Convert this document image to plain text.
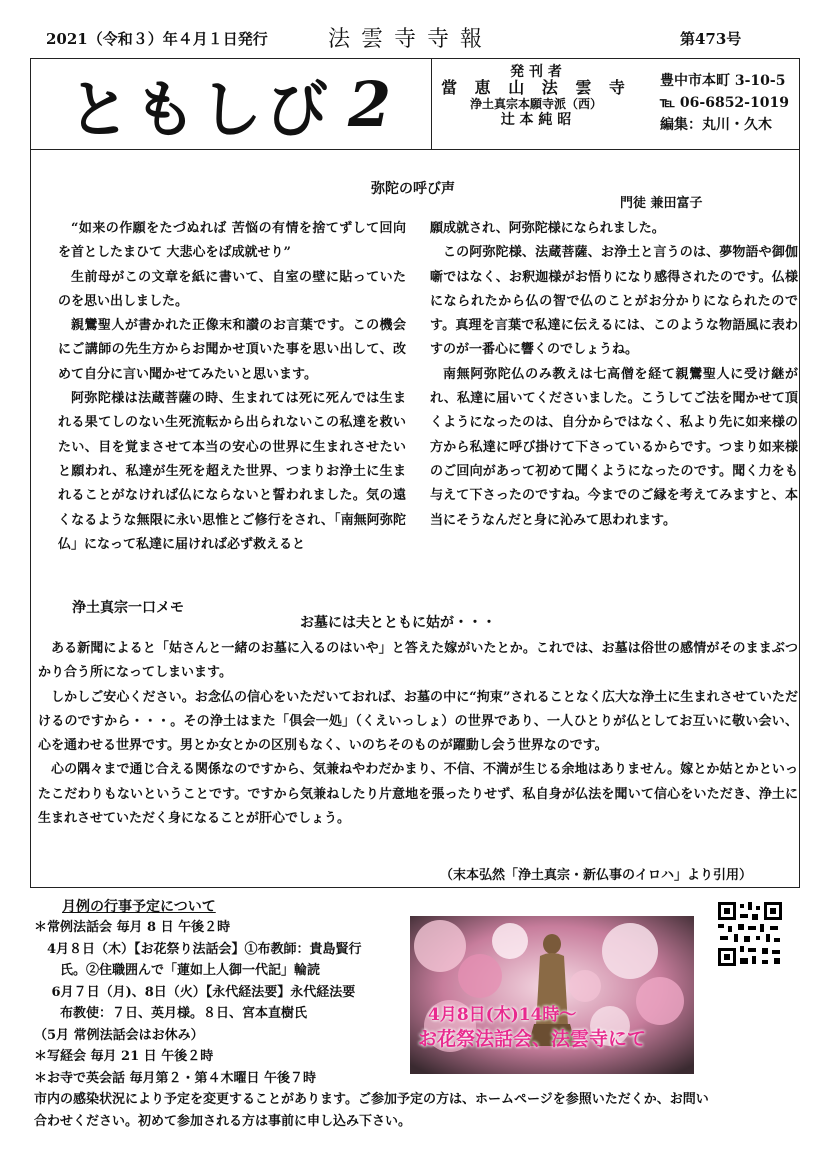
2021（令和３）年４月１日発行	法 雲 寺 寺 報	第473号
ともしび 2	発 刊 者
當 恵 山 法 雲 寺
浄土真宗本願寺派（西）
辻 本 純 昭
豊中市本町 3-10-5
℡ 06-6852-1019
編集：丸川・久木
弥陀の呼び声
門徒 兼田富子

“如来の作願をたづぬれば 苦悩の有情を捨てずして回向を首としたまひて 大悲心をば成就せり”

生前母がこの文章を紙に書いて、自室の壁に貼っていたのを思い出しました。

親鸞聖人が書かれた正像末和讃のお言葉です。この機会にご講師の先生方からお聞かせ頂いた事を思い出して、改めて自分に言い聞かせてみたいと思います。

阿弥陀様は法蔵菩薩の時、生まれては死に死んでは生まれる果てしのない生死流転から出られないこの私達を救いたい、目を覚まさせて本当の安心の世界に生まれさせたいと願われ、私達が生死を超えた世界、つまりお浄土に生まれることがなければ仏にならないと誓われました。気の遠くなるような無限に永い思惟とご修行をされ、「南無阿弥陀仏」になって私達に届ければ必ず救えると

願成就され、阿弥陀様になられました。

この阿弥陀様、法蔵菩薩、お浄土と言うのは、夢物語や御伽噺ではなく、お釈迦様がお悟りになり感得されたのです。仏様になられたから仏の智で仏のことがお分かりになられたのです。真理を言葉で私達に伝えるには、このような物語風に表わすのが一番心に響くのでしょうね。

南無阿弥陀仏のみ教えは七高僧を経て親鸞聖人に受け継がれ、私達に届いてくださいました。こうしてご法を聞かせて頂くようになったのは、自分からではなく、私より先に如来様の方から私達に呼び掛けて下さっているからです。つまり如来様のご回向があって初めて聞くようになったのです。聞く力をも与えて下さったのですね。今までのご縁を考えてみますと、本当にそうなんだと身に沁みて思われます。

浄土真宗一口メモ
お墓には夫とともに姑が・・・

ある新聞によると「姑さんと一緒のお墓に入るのはいや」と答えた嫁がいたとか。これでは、お墓は俗世の感情がそのままぶつかり合う所になってしまいます。

しかしご安心ください。お念仏の信心をいただいておれば、お墓の中に“拘束”されることなく広大な浄土に生まれさせていただけるのですから・・・。その浄土はまた「倶会一処」（くえいっしょ）の世界であり、一人ひとりが仏としてお互いに敬い会い、心を通わせる世界です。男とか女とかの区別もなく、いのちそのものが躍動し会う世界なのです。

心の隅々まで通じ合える関係なのですから、気兼ねやわだかまり、不信、不満が生じる余地はありません。嫁とか姑とかといったこだわりもないということです。ですから気兼ねしたり片意地を張ったりせず、私自身が仏法を聞いて信心をいただき、浄土に生まれさせていただく身になることが肝心でしょう。

（末本弘然「浄土真宗・新仏事のイロハ」より引用）
月例の行事予定について
＊常例法話会 毎月 8 日 午後２時
　4月８日（木）【お花祭り法話会】①布教師：貴島賢行
　　氏。②住職囲んで「蓮如上人御一代記」輪読
　 6月７日（月)、8日（火）【永代経法要】永代経法要
　　布教使：７日、英月様。８日、宮本直樹氏
（5月 常例法話会はお休み）
＊写経会 毎月 21 日 午後２時
＊お寺で英会話 毎月第２・第４木曜日 午後７時
4月8日(木)14時～
お花祭法話会、法雲寺にて
市内の感染状況により予定を変更することがあります。ご参加予定の方は、ホームページを参照いただくか、お問い合わせください。初めて参加される方は事前に申し込み下さい。
